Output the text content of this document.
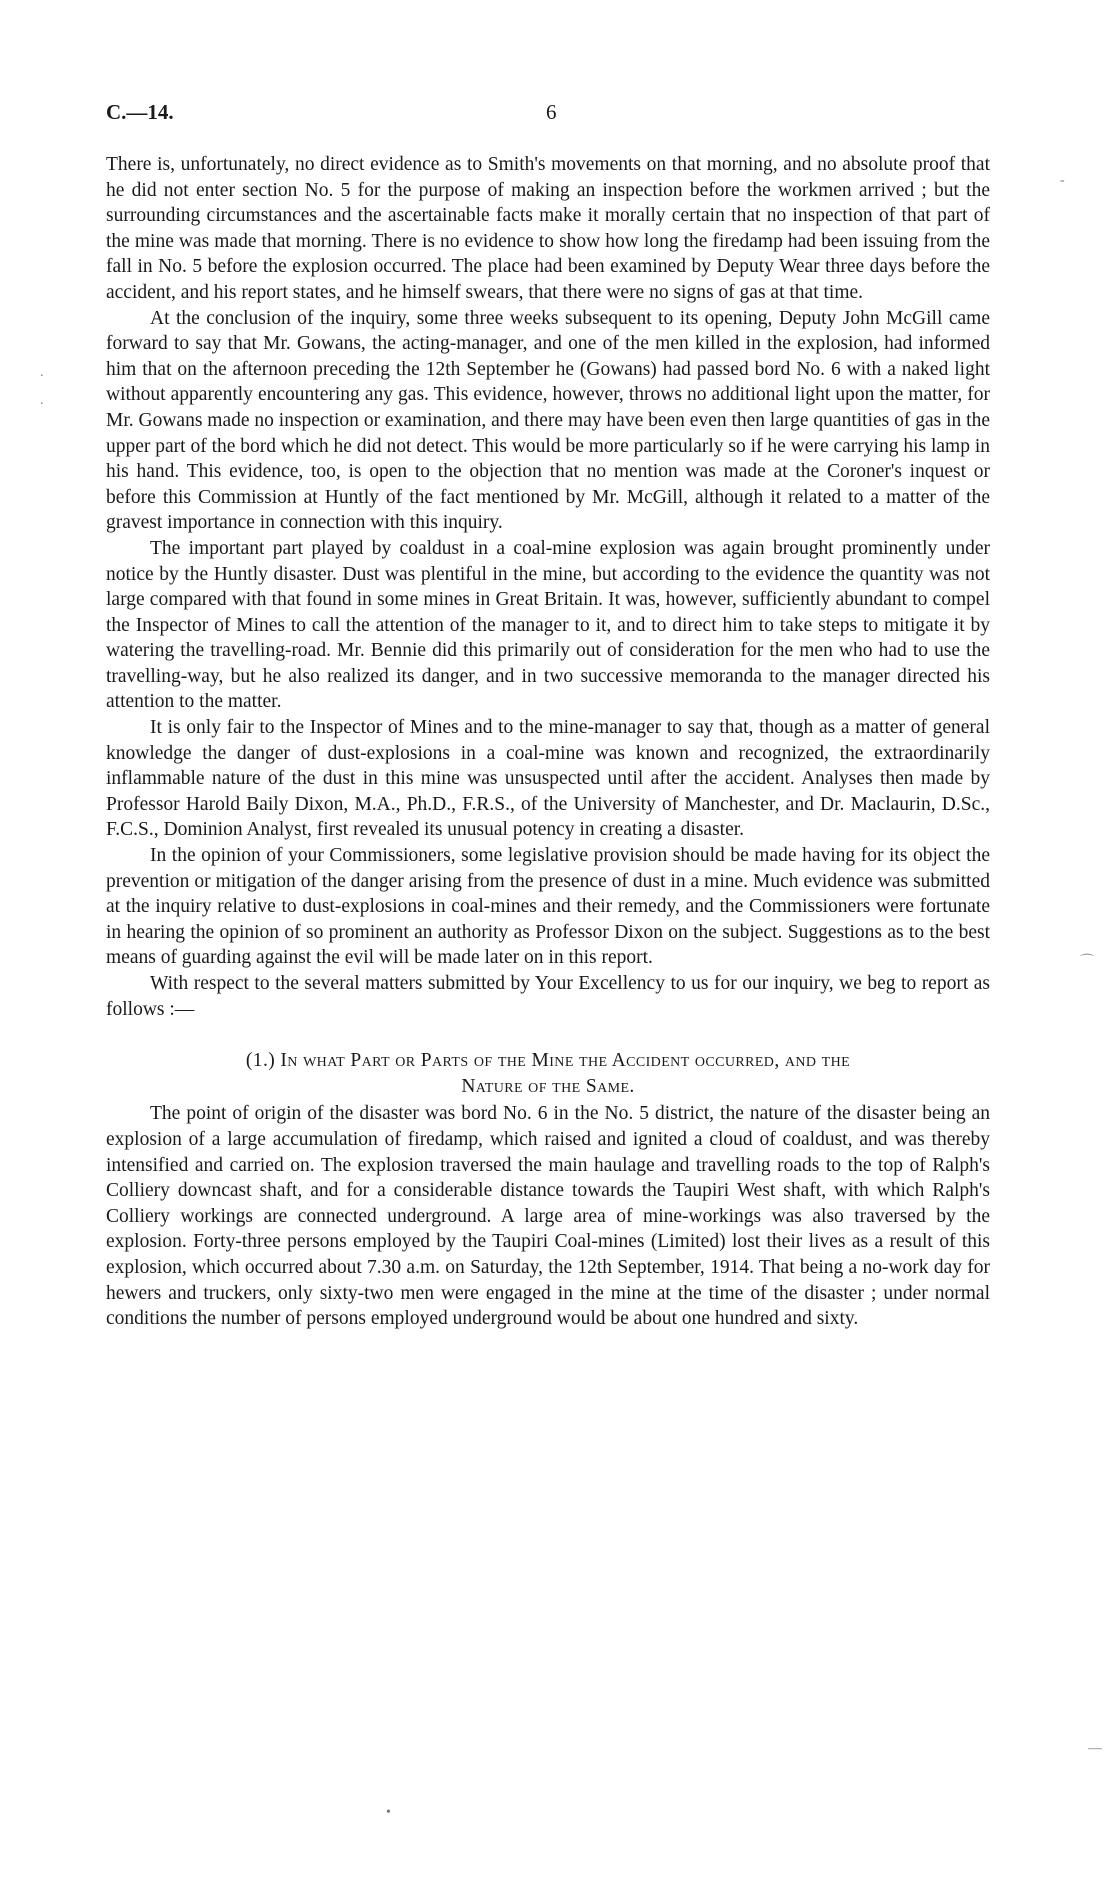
C.—14.	6

There is, unfortunately, no direct evidence as to Smith's movements on that morning, and no absolute proof that he did not enter section No. 5 for the purpose of making an inspection before the workmen arrived ; but the surrounding circumstances and the ascertainable facts make it morally certain that no inspection of that part of the mine was made that morning. There is no evidence to show how long the firedamp had been issuing from the fall in No. 5 before the explosion occurred. The place had been examined by Deputy Wear three days before the accident, and his report states, and he himself swears, that there were no signs of gas at that time.

At the conclusion of the inquiry, some three weeks subsequent to its opening, Deputy John McGill came forward to say that Mr. Gowans, the acting-manager, and one of the men killed in the explosion, had informed him that on the afternoon preceding the 12th September he (Gowans) had passed bord No. 6 with a naked light without apparently encountering any gas. This evidence, however, throws no additional light upon the matter, for Mr. Gowans made no inspection or examination, and there may have been even then large quantities of gas in the upper part of the bord which he did not detect. This would be more particularly so if he were carrying his lamp in his hand. This evidence, too, is open to the objection that no mention was made at the Coroner's inquest or before this Commission at Huntly of the fact mentioned by Mr. McGill, although it related to a matter of the gravest importance in connection with this inquiry.

The important part played by coaldust in a coal-mine explosion was again brought prominently under notice by the Huntly disaster. Dust was plentiful in the mine, but according to the evidence the quantity was not large compared with that found in some mines in Great Britain. It was, however, sufficiently abundant to compel the Inspector of Mines to call the attention of the manager to it, and to direct him to take steps to mitigate it by watering the travelling-road. Mr. Bennie did this primarily out of consideration for the men who had to use the travelling-way, but he also realized its danger, and in two successive memoranda to the manager directed his attention to the matter.

It is only fair to the Inspector of Mines and to the mine-manager to say that, though as a matter of general knowledge the danger of dust-explosions in a coal-mine was known and recognized, the extraordinarily inflammable nature of the dust in this mine was unsuspected until after the accident. Analyses then made by Professor Harold Baily Dixon, M.A., Ph.D., F.R.S., of the University of Manchester, and Dr. Maclaurin, D.Sc., F.C.S., Dominion Analyst, first revealed its unusual potency in creating a disaster.

In the opinion of your Commissioners, some legislative provision should be made having for its object the prevention or mitigation of the danger arising from the presence of dust in a mine. Much evidence was submitted at the inquiry relative to dust-explosions in coal-mines and their remedy, and the Commissioners were fortunate in hearing the opinion of so prominent an authority as Professor Dixon on the subject. Suggestions as to the best means of guarding against the evil will be made later on in this report.

With respect to the several matters submitted by Your Excellency to us for our inquiry, we beg to report as follows :—

(1.) In what Part or Parts of the Mine the Accident occurred, and the
Nature of the Same.

The point of origin of the disaster was bord No. 6 in the No. 5 district, the nature of the disaster being an explosion of a large accumulation of firedamp, which raised and ignited a cloud of coaldust, and was thereby intensified and carried on. The explosion traversed the main haulage and travelling roads to the top of Ralph's Colliery downcast shaft, and for a considerable distance towards the Taupiri West shaft, with which Ralph's Colliery workings are connected underground. A large area of mine-workings was also traversed by the explosion. Forty-three persons employed by the Taupiri Coal-mines (Limited) lost their lives as a result of this explosion, which occurred about 7.30 a.m. on Saturday, the 12th September, 1914. That being a no-work day for hewers and truckers, only sixty-two men were engaged in the mine at the time of the disaster ; under normal conditions the number of persons employed underground would be about one hundred and sixty.

-
.
.
⌒
—
•
